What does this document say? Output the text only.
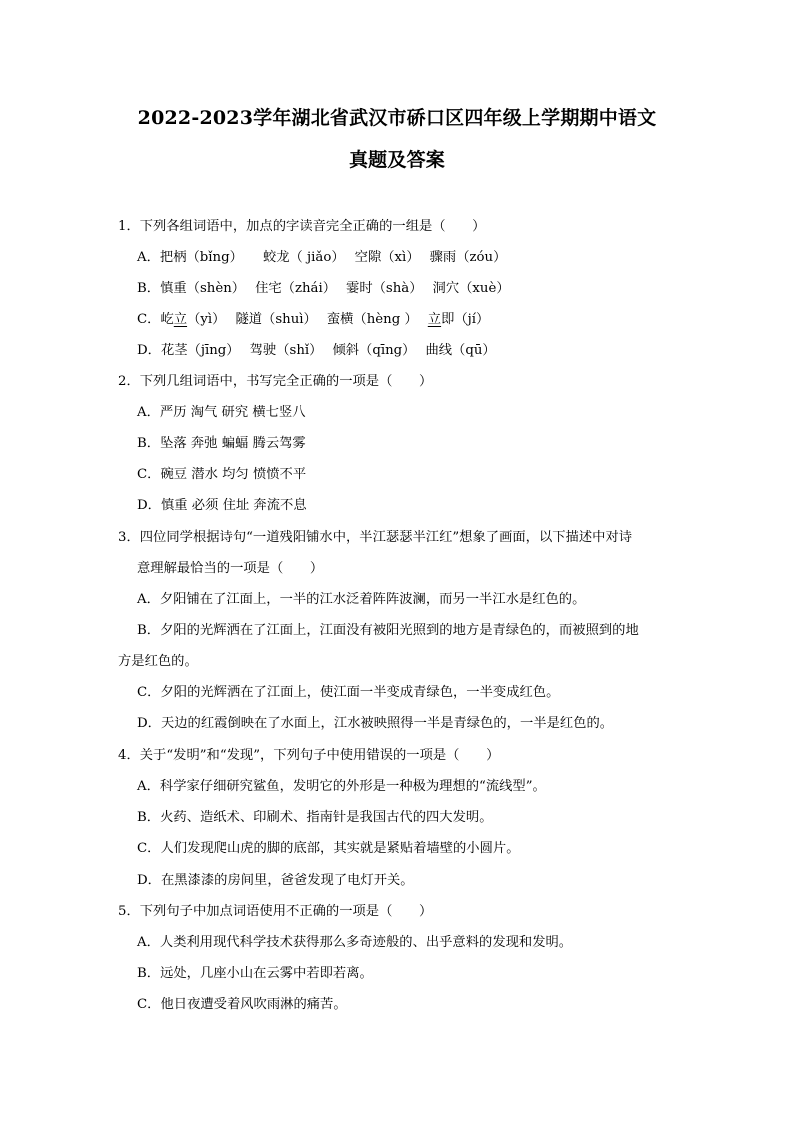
2022-2023学年湖北省武汉市硚口区四年级上学期期中语文
真题及答案
1．下列各组词语中，加点的字读音完全正确的一组是（　　）
A．把柄（bǐng） 蛟龙（ jiǎo） 空隙（xì） 骤雨（zóu）
B．慎重（shèn） 住宅（zhái） 霎时（shà） 洞穴（xuè）
C．屹立（yì） 隧道（shuì） 蛮横（hèng ） 立即（jí）
D．花茎（jīng） 驾驶（shǐ） 倾斜（qīng） 曲线（qū）
2．下列几组词语中，书写完全正确的一项是（　　）
A．严历 淘气 研究 横七竖八
B．坠落 奔弛 蝙蝠 腾云驾雾
C．碗豆 潜水 均匀 愤愤不平
D．慎重 必须 住址 奔流不息
3．四位同学根据诗句“一道残阳铺水中，半江瑟瑟半江红”想象了画面，以下描述中对诗
意理解最恰当的一项是（　　）
A．夕阳铺在了江面上，一半的江水泛着阵阵波澜，而另一半江水是红色的。
B．夕阳的光辉洒在了江面上，江面没有被阳光照到的地方是青绿色的，而被照到的地
方是红色的。
C．夕阳的光辉洒在了江面上，使江面一半变成青绿色，一半变成红色。
D．天边的红霞倒映在了水面上，江水被映照得一半是青绿色的，一半是红色的。
4．关于“发明”和“发现”，下列句子中使用错误的一项是（　　）
A．科学家仔细研究鲨鱼，发明它的外形是一种极为理想的“流线型”。
B．火药、造纸术、印刷术、指南针是我国古代的四大发明。
C．人们发现爬山虎的脚的底部，其实就是紧贴着墙壁的小圆片。
D．在黑漆漆的房间里，爸爸发现了电灯开关。
5．下列句子中加点词语使用不正确的一项是（　　）
A．人类利用现代科学技术获得那么多奇迹般的、出乎意料的发现和发明。
B．远处，几座小山在云雾中若即若离。
C．他日夜遭受着风吹雨淋的痛苦。
